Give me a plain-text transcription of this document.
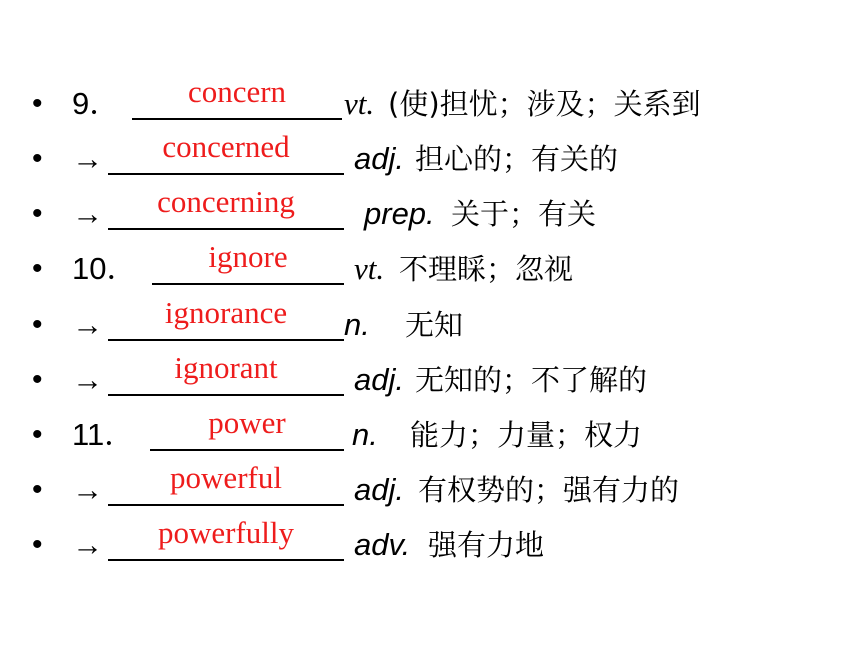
• 9．	concern	vt. (使)担忧；涉及；关系到
• →	concerned	adj. 担心的；有关的
• →	concerning	prep. 关于；有关
• 10．	ignore	vt. 不理睬；忽视
• →	ignorance	n. 无知
• →	ignorant	adj. 无知的；不了解的
• 11．	power	n. 能力；力量；权力
• →	powerful	adj. 有权势的；强有力的
• →	powerfully	adv. 强有力地
